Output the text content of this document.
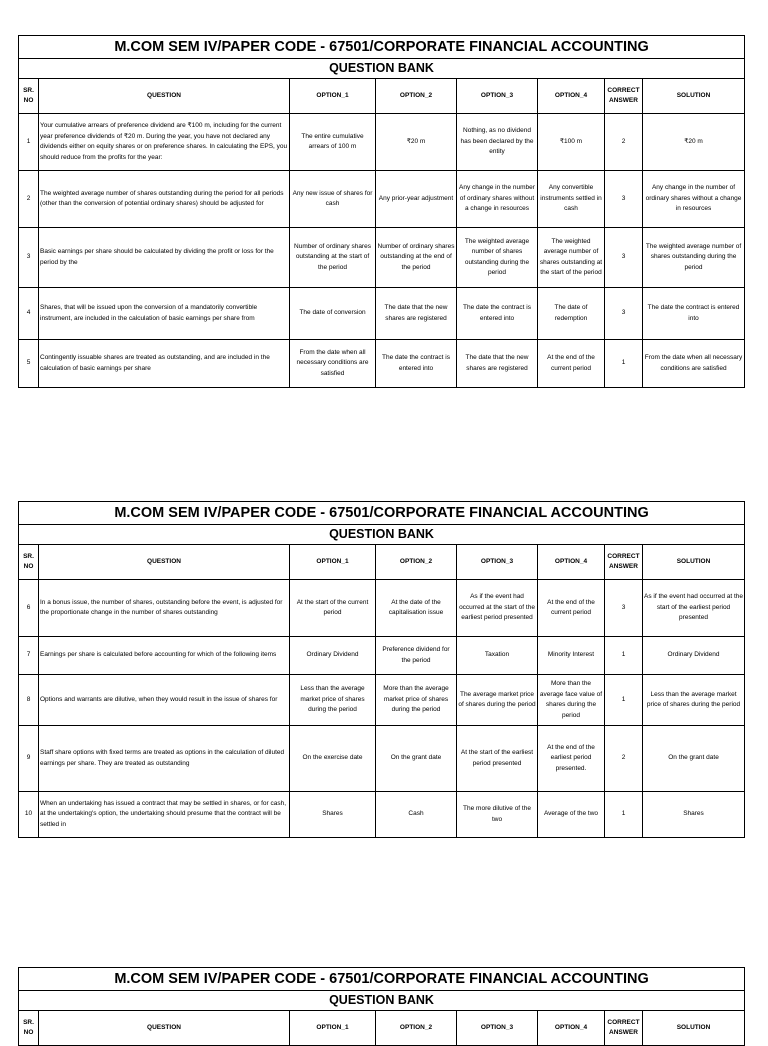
M.COM SEM IV/PAPER CODE - 67501/CORPORATE FINANCIAL ACCOUNTING							
QUESTION BANK							
SR. NO	QUESTION	OPTION_1	OPTION_2	OPTION_3	OPTION_4	CORRECT ANSWER	SOLUTION
1	Your cumulative arrears of preference dividend are ₹100 m, including for the current year preference dividends of ₹20 m. During the year, you have not declared any dividends either on equity shares or on preference shares. In calculating the EPS, you should reduce from the profits for the year:	The entire cumulative arrears of 100 m	₹20 m	Nothing, as no dividend has been declared by the entity	₹100 m	2	₹20 m
2	The weighted average number of shares outstanding during the period for all periods (other than the conversion of potential ordinary shares) should be adjusted for	Any new issue of shares for cash	Any prior-year adjustment	Any change in the number of ordinary shares without a change in resources	Any convertible instruments settled in cash	3	Any change in the number of ordinary shares without a change in resources
3	Basic earnings per share should be calculated by dividing the profit or loss for the period by the	Number of ordinary shares outstanding at the start of the period	Number of ordinary shares outstanding at the end of the period	The weighted average number of shares outstanding during the period	The weighted average number of shares outstanding at the start of the period	3	The weighted average number of shares outstanding during the period
4	Shares, that will be issued upon the conversion of a mandatorily convertible instrument, are included in the calculation of basic earnings per share from	The date of conversion	The date that the new shares are registered	The date the contract is entered into	The date of redemption	3	The date the contract is entered into
5	Contingently issuable shares are treated as outstanding, and are included in the calculation of basic earnings per share	From the date when all necessary conditions are satisfied	The date the contract is entered into	The date that the new shares are registered	At the end of the current period	1	From the date when all necessary conditions are satisfied
M.COM SEM IV/PAPER CODE - 67501/CORPORATE FINANCIAL ACCOUNTING							
QUESTION BANK							
SR. NO	QUESTION	OPTION_1	OPTION_2	OPTION_3	OPTION_4	CORRECT ANSWER	SOLUTION
6	In a bonus issue, the number of shares, outstanding before the event, is adjusted for the proportionate change in the number of shares outstanding	At the start of the current period	At the date of the capitalisation issue	As if the event had occurred at the start of the earliest period presented	At the end of the current period	3	As if the event had occurred at the start of the earliest period presented
7	Earnings per share is calculated before accounting for which of the following items	Ordinary Dividend	Preference dividend for the period	Taxation	Minority Interest	1	Ordinary Dividend
8	Options and warrants are dilutive, when they would result in the issue of shares for	Less than the average market price of shares during the period	More than the average market price of shares during the period	The average market price of shares during the period	More than the average face value of shares during the period	1	Less than the average market price of shares during the period
9	Staff share options with fixed terms are treated as options in the calculation of diluted earnings per share. They are treated as outstanding	On the exercise date	On the grant date	At the start of the earliest period presented	At the end of the earliest period presented.	2	On the grant date
10	When an undertaking has issued a contract that may be settled in shares, or for cash, at the undertaking's option, the undertaking should presume that the contract will be settled in	Shares	Cash	The more dilutive of the two	Average of the two	1	Shares
M.COM SEM IV/PAPER CODE - 67501/CORPORATE FINANCIAL ACCOUNTING
QUESTION BANK
SR. NO	QUESTION	OPTION_1	OPTION_2	OPTION_3	OPTION_4	CORRECT ANSWER	SOLUTION
